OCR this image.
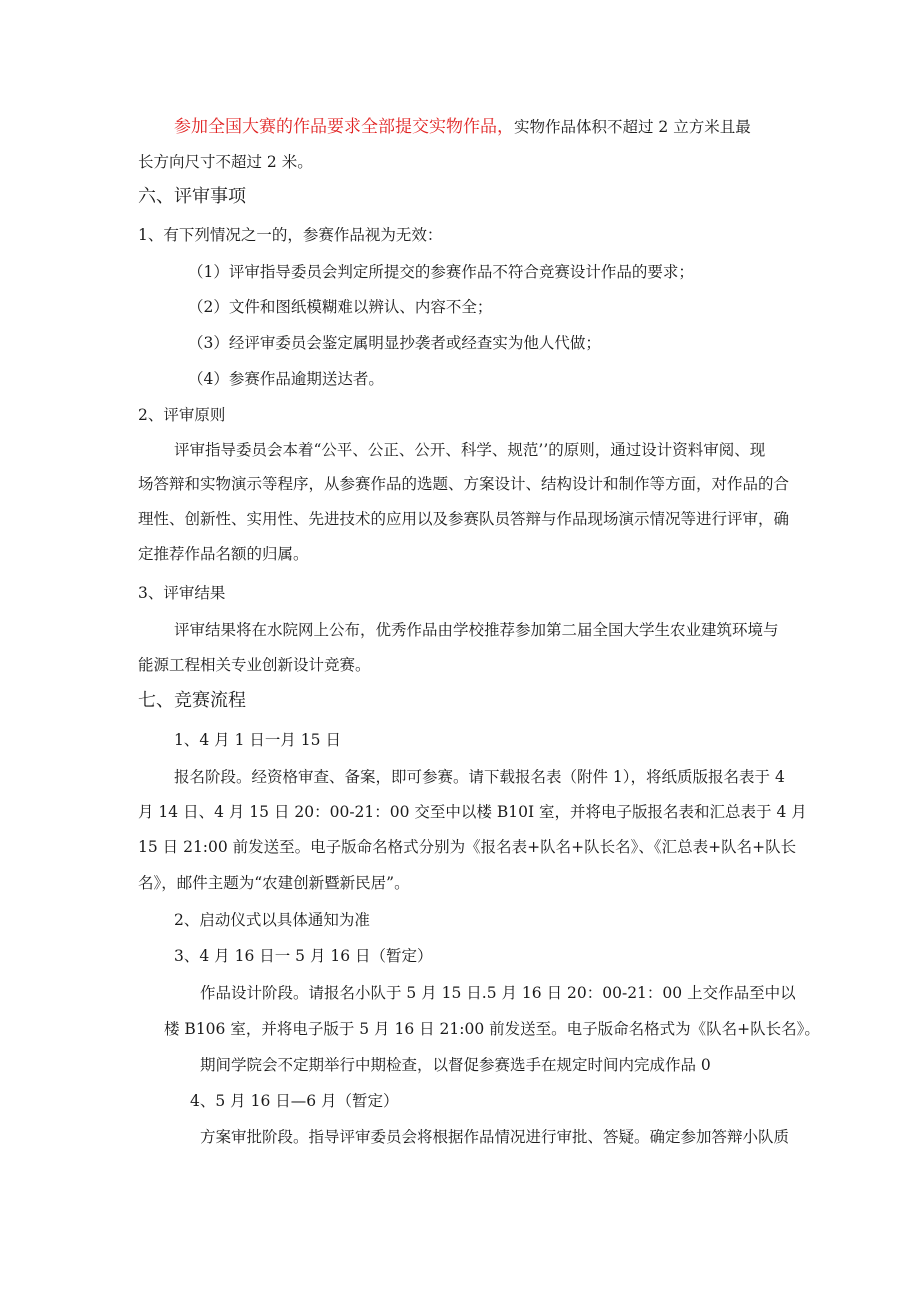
参加全国大赛的作品要求全部提交实物作品，实物作品体积不超过 2 立方米且最
长方向尺寸不超过 2 米。
六、评审事项
1、有下列情况之一的，参赛作品视为无效：
（1）评审指导委员会判定所提交的参赛作品不符合竞赛设计作品的要求；
（2）文件和图纸模糊难以辨认、内容不全；
（3）经评审委员会鉴定属明显抄袭者或经查实为他人代做；
（4）参赛作品逾期送达者。
2、评审原则
评审指导委员会本着“公平、公正、公开、科学、规范’’的原则，通过设计资料审阅、现
场答辩和实物演示等程序，从参赛作品的选题、方案设计、结构设计和制作等方面，对作品的合
理性、创新性、实用性、先进技术的应用以及参赛队员答辩与作品现场演示情况等进行评审，确
定推荐作品名额的归属。
3、评审结果
评审结果将在水院网上公布，优秀作品由学校推荐参加第二届全国大学生农业建筑环境与
能源工程相关专业创新设计竞赛。
七、竞赛流程
1、4 月 1 日一月 15 日
报名阶段。经资格审查、备案，即可参赛。请下载报名表（附件 1），将纸质版报名表于 4
月 14 日、4 月 15 日 20：00-21：00 交至中以楼 B10I 室，并将电子版报名表和汇总表于 4 月
15 日 21:00 前发送至。电子版命名格式分别为《报名表+队名+队长名》、《汇总表+队名+队长
名》，邮件主题为“农建创新暨新民居”。
2、启动仪式以具体通知为准
3、4 月 16 日一 5 月 16 日（暂定）
作品设计阶段。请报名小队于 5 月 15 日.5 月 16 日 20：00-21：00 上交作品至中以
楼 B106 室，并将电子版于 5 月 16 日 21:00 前发送至。电子版命名格式为《队名+队长名》。
期间学院会不定期举行中期检查，以督促参赛选手在规定时间内完成作品 0
4、5 月 16 日—6 月（暂定）
方案审批阶段。指导评审委员会将根据作品情况进行审批、答疑。确定参加答辩小队质
